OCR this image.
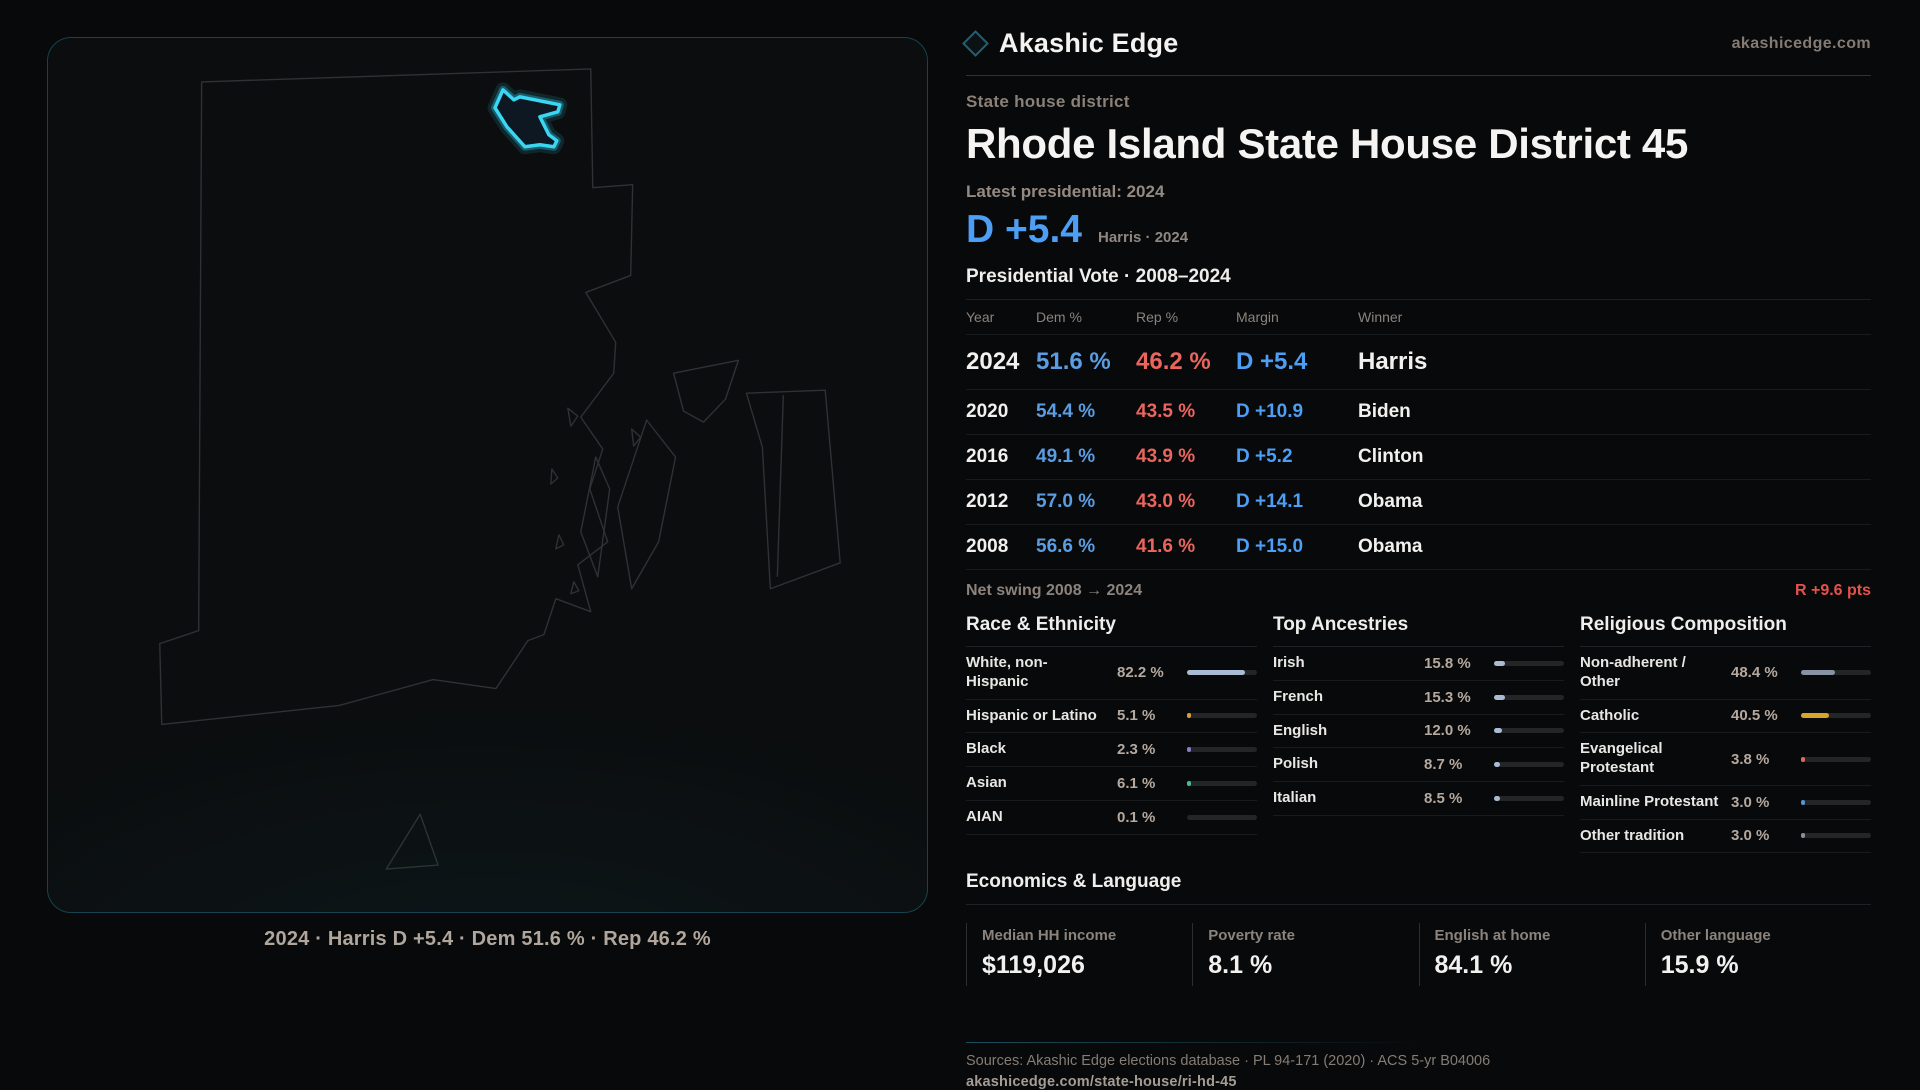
2024 · Harris D +5.4 · Dem 51.6 % · Rep 46.2 %
Akashic Edge	akashicedge.com
State house district
Rhode Island State House District 45
Latest presidential: 2024
D +5.4 Harris · 2024
Presidential Vote · 2008–2024
Year	Dem %	Rep %	Margin	Winner
2024 51.6 %	46.2 %	D +5.4	Harris
2020	54.4 %	43.5 %	D +10.9	Biden
2016	49.1 %	43.9 %	D +5.2	Clinton
2012	57.0 %	43.0 %	D +14.1	Obama
2008	56.6 %	41.6 %	D +15.0	Obama
Net swing 2008 → 2024	R +9.6 pts
Race & Ethnicity
White, non-Hispanic	82.2 %
Hispanic or Latino	5.1 %
Black	2.3 %
Asian	6.1 %
AIAN	0.1 %
Top Ancestries
Irish	15.8 %
French	15.3 %
English	12.0 %
Polish	8.7 %
Italian	8.5 %
Religious Composition
Non-adherent / Other	48.4 %
Catholic	40.5 %
Evangelical Protestant	3.8 %
Mainline Protestant 3.0 %
Other tradition	3.0 %
Economics & Language
Median HH income
$119,026
Poverty rate
8.1 %
English at home
84.1 %
Other language
15.9 %
Sources: Akashic Edge elections database · PL 94-171 (2020) · ACS 5-yr B04006
akashicedge.com/state-house/ri-hd-45
